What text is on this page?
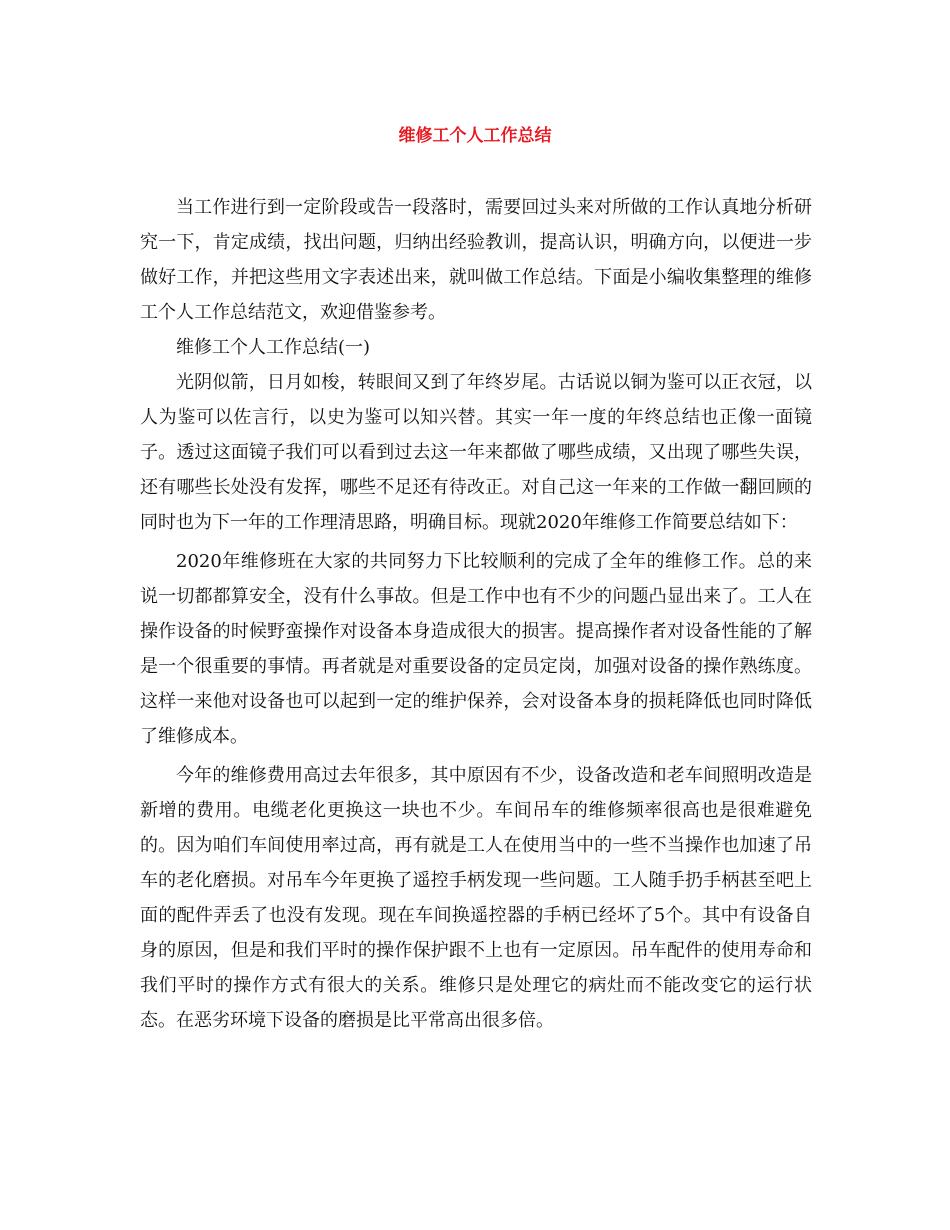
维修工个人工作总结

当工作进行到一定阶段或告一段落时，需要回过头来对所做的工作认真地分析研究一下，肯定成绩，找出问题，归纳出经验教训，提高认识，明确方向，以便进一步做好工作，并把这些用文字表述出来，就叫做工作总结。下面是小编收集整理的维修工个人工作总结范文，欢迎借鉴参考。

维修工个人工作总结(一)

光阴似箭，日月如梭，转眼间又到了年终岁尾。古话说以铜为鉴可以正衣冠，以人为鉴可以佐言行，以史为鉴可以知兴替。其实一年一度的年终总结也正像一面镜子。透过这面镜子我们可以看到过去这一年来都做了哪些成绩，又出现了哪些失误，还有哪些长处没有发挥，哪些不足还有待改正。对自己这一年来的工作做一翻回顾的同时也为下一年的工作理清思路，明确目标。现就2020年维修工作简要总结如下：

2020年维修班在大家的共同努力下比较顺利的完成了全年的维修工作。总的来说一切都都算安全，没有什么事故。但是工作中也有不少的问题凸显出来了。工人在操作设备的时候野蛮操作对设备本身造成很大的损害。提高操作者对设备性能的了解是一个很重要的事情。再者就是对重要设备的定员定岗，加强对设备的操作熟练度。这样一来他对设备也可以起到一定的维护保养，会对设备本身的损耗降低也同时降低了维修成本。

今年的维修费用高过去年很多，其中原因有不少，设备改造和老车间照明改造是新增的费用。电缆老化更换这一块也不少。车间吊车的维修频率很高也是很难避免的。因为咱们车间使用率过高，再有就是工人在使用当中的一些不当操作也加速了吊车的老化磨损。对吊车今年更换了遥控手柄发现一些问题。工人随手扔手柄甚至吧上面的配件弄丢了也没有发现。现在车间换遥控器的手柄已经坏了5个。其中有设备自身的原因，但是和我们平时的操作保护跟不上也有一定原因。吊车配件的使用寿命和我们平时的操作方式有很大的关系。维修只是处理它的病灶而不能改变它的运行状态。在恶劣环境下设备的磨损是比平常高出很多倍。
